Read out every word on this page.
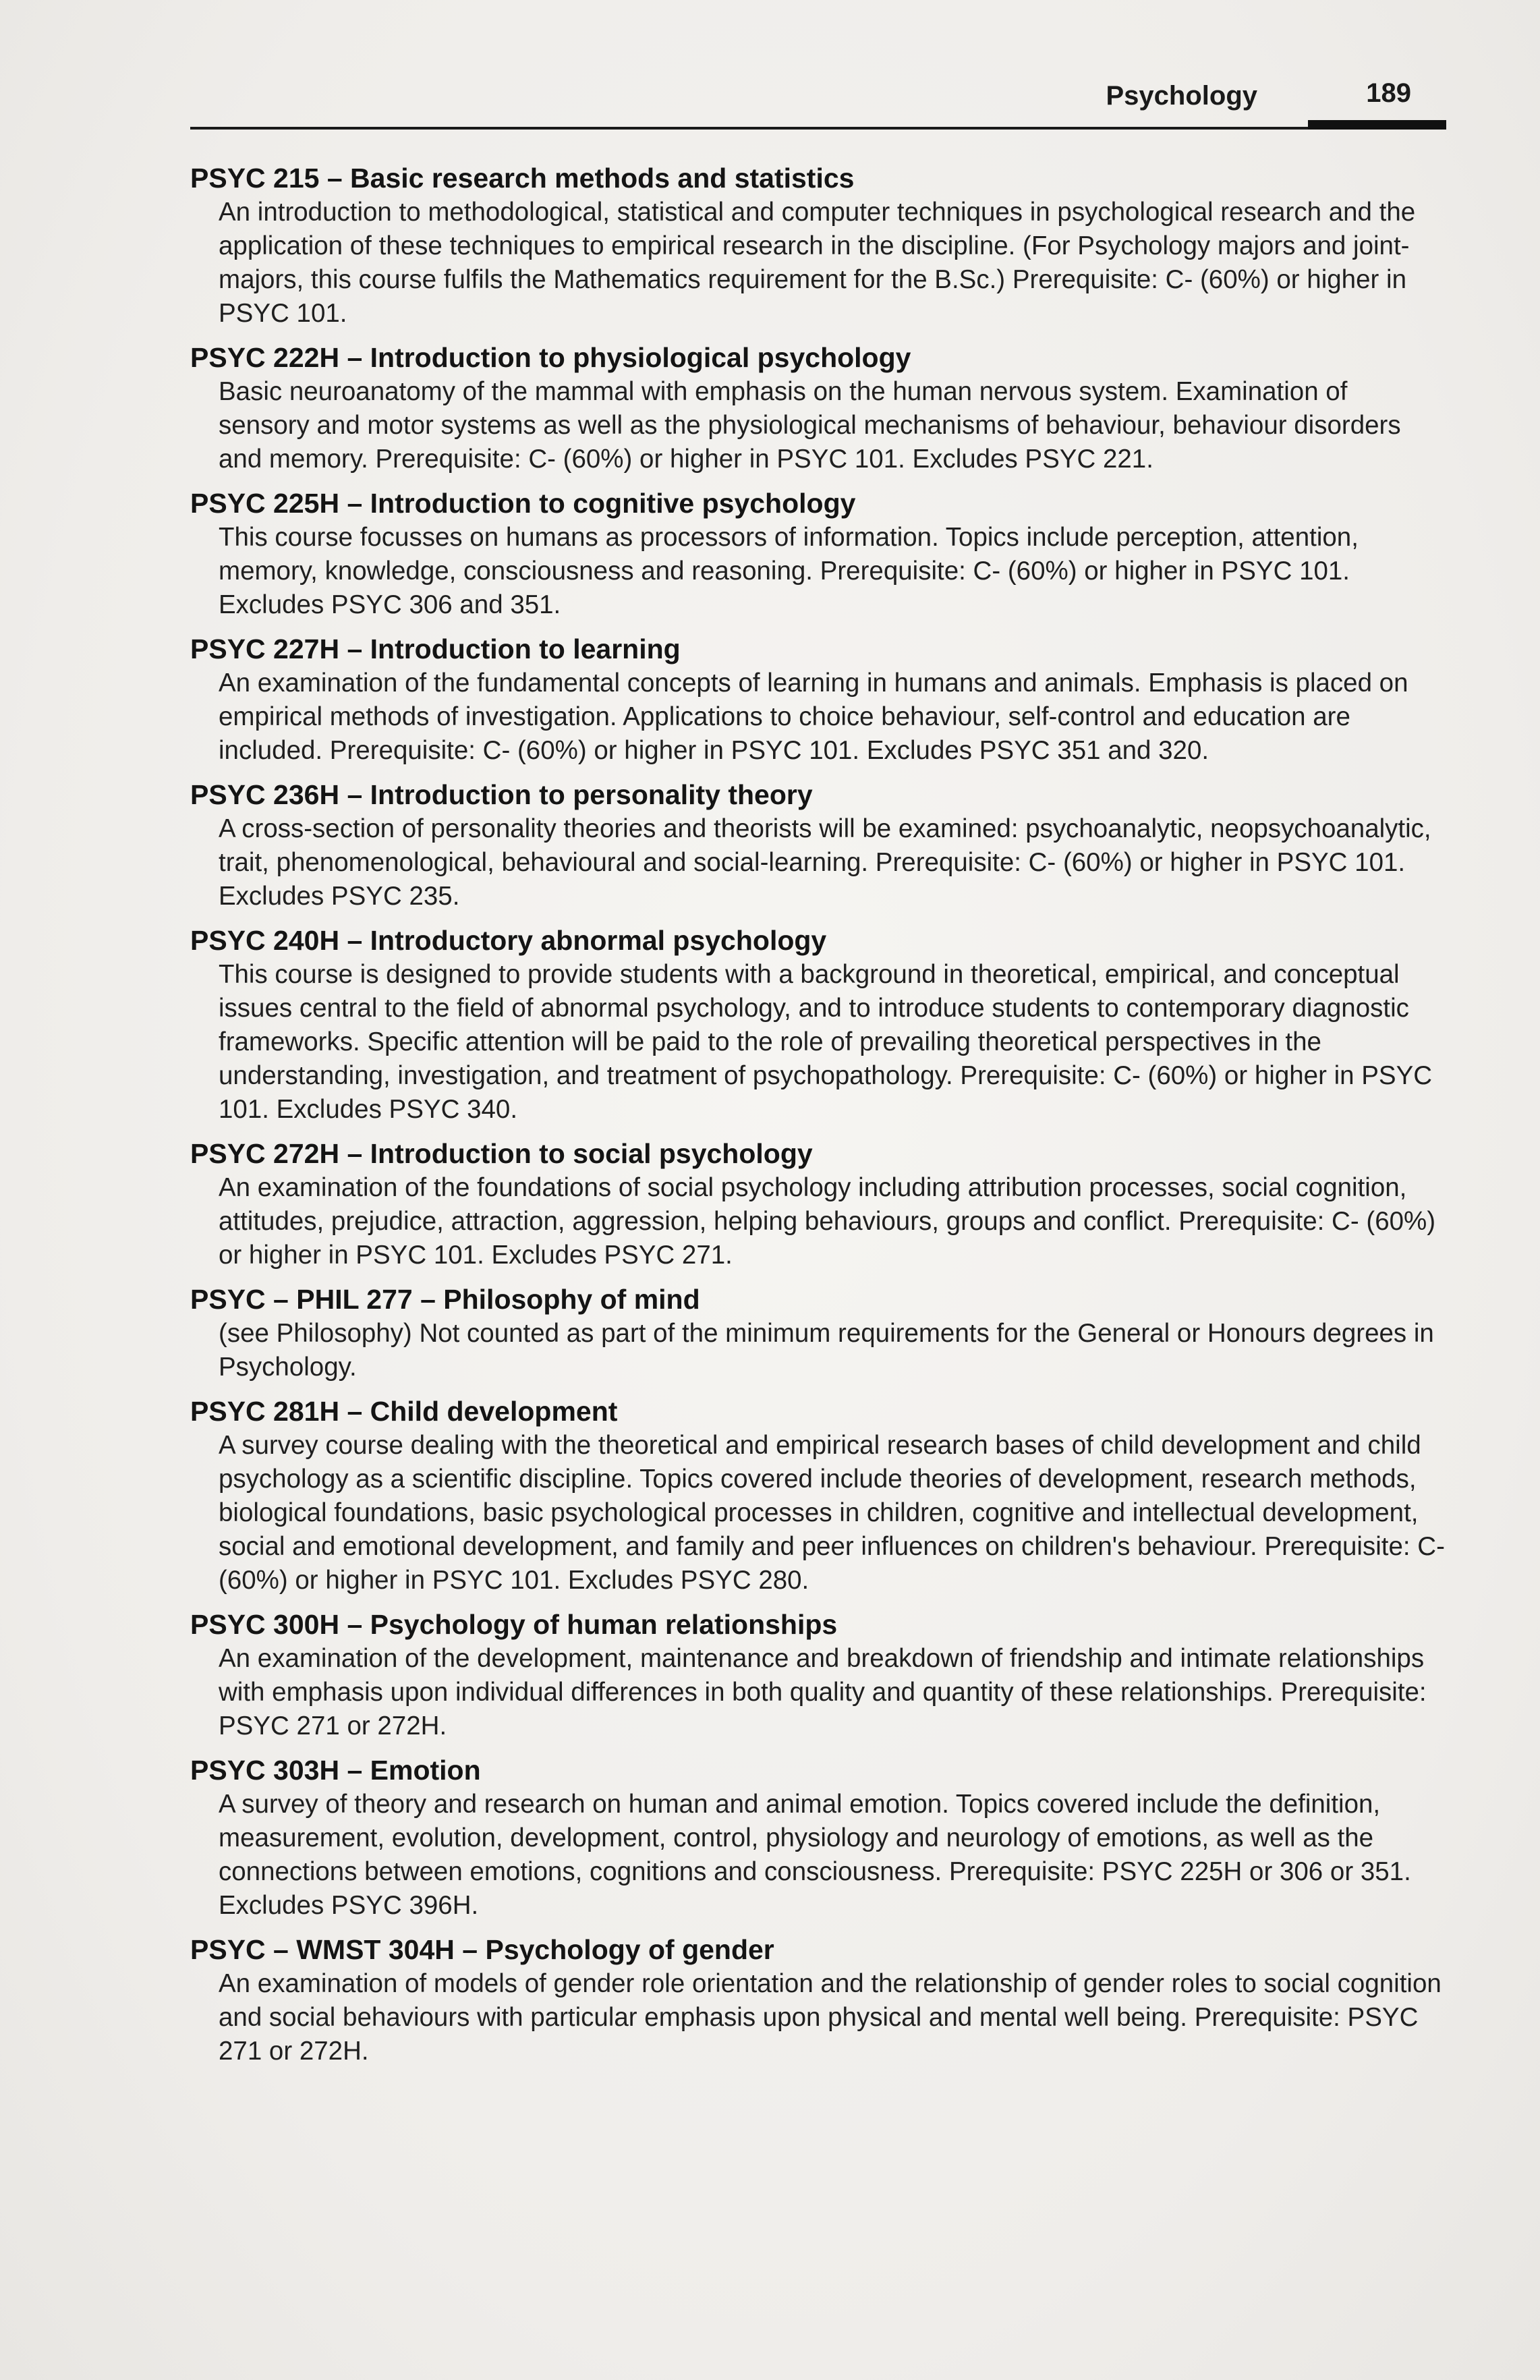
Psychology	189
PSYC 215 – Basic research methods and statistics
An introduction to methodological, statistical and computer techniques in psychological research and the application of these techniques to empirical research in the discipline. (For Psychology majors and joint-majors, this course fulfils the Mathematics requirement for the B.Sc.) Prerequisite: C- (60%) or higher in PSYC 101.
PSYC 222H – Introduction to physiological psychology
Basic neuroanatomy of the mammal with emphasis on the human nervous system. Examination of sensory and motor systems as well as the physiological mechanisms of behaviour, behaviour disorders and memory. Prerequisite: C- (60%) or higher in PSYC 101. Excludes PSYC 221.
PSYC 225H – Introduction to cognitive psychology
This course focusses on humans as processors of information. Topics include perception, attention, memory, knowledge, consciousness and reasoning. Prerequisite: C- (60%) or higher in PSYC 101. Excludes PSYC 306 and 351.
PSYC 227H – Introduction to learning
An examination of the fundamental concepts of learning in humans and animals. Emphasis is placed on empirical methods of investigation. Applications to choice behaviour, self-control and education are included. Prerequisite: C- (60%) or higher in PSYC 101. Excludes PSYC 351 and 320.
PSYC 236H – Introduction to personality theory
A cross-section of personality theories and theorists will be examined: psychoanalytic, neopsychoanalytic, trait, phenomenological, behavioural and social-learning. Prerequisite: C- (60%) or higher in PSYC 101. Excludes PSYC 235.
PSYC 240H – Introductory abnormal psychology
This course is designed to provide students with a background in theoretical, empirical, and conceptual issues central to the field of abnormal psychology, and to introduce students to contemporary diagnostic frameworks. Specific attention will be paid to the role of prevailing theoretical perspectives in the understanding, investigation, and treatment of psychopathology. Prerequisite: C- (60%) or higher in PSYC 101. Excludes PSYC 340.
PSYC 272H – Introduction to social psychology
An examination of the foundations of social psychology including attribution processes, social cognition, attitudes, prejudice, attraction, aggression, helping behaviours, groups and conflict. Prerequisite: C- (60%) or higher in PSYC 101. Excludes PSYC 271.
PSYC – PHIL 277 – Philosophy of mind
(see Philosophy) Not counted as part of the minimum requirements for the General or Honours degrees in Psychology.
PSYC 281H – Child development
A survey course dealing with the theoretical and empirical research bases of child development and child psychology as a scientific discipline. Topics covered include theories of development, research methods, biological foundations, basic psychological processes in children, cognitive and intellectual development, social and emotional development, and family and peer influences on children's behaviour. Prerequisite: C- (60%) or higher in PSYC 101. Excludes PSYC 280.
PSYC 300H – Psychology of human relationships
An examination of the development, maintenance and breakdown of friendship and intimate relationships with emphasis upon individual differences in both quality and quantity of these relationships. Prerequisite: PSYC 271 or 272H.
PSYC 303H – Emotion
A survey of theory and research on human and animal emotion. Topics covered include the definition, measurement, evolution, development, control, physiology and neurology of emotions, as well as the connections between emotions, cognitions and consciousness. Prerequisite: PSYC 225H or 306 or 351. Excludes PSYC 396H.
PSYC – WMST 304H – Psychology of gender
An examination of models of gender role orientation and the relationship of gender roles to social cognition and social behaviours with particular emphasis upon physical and mental well being. Prerequisite: PSYC 271 or 272H.
